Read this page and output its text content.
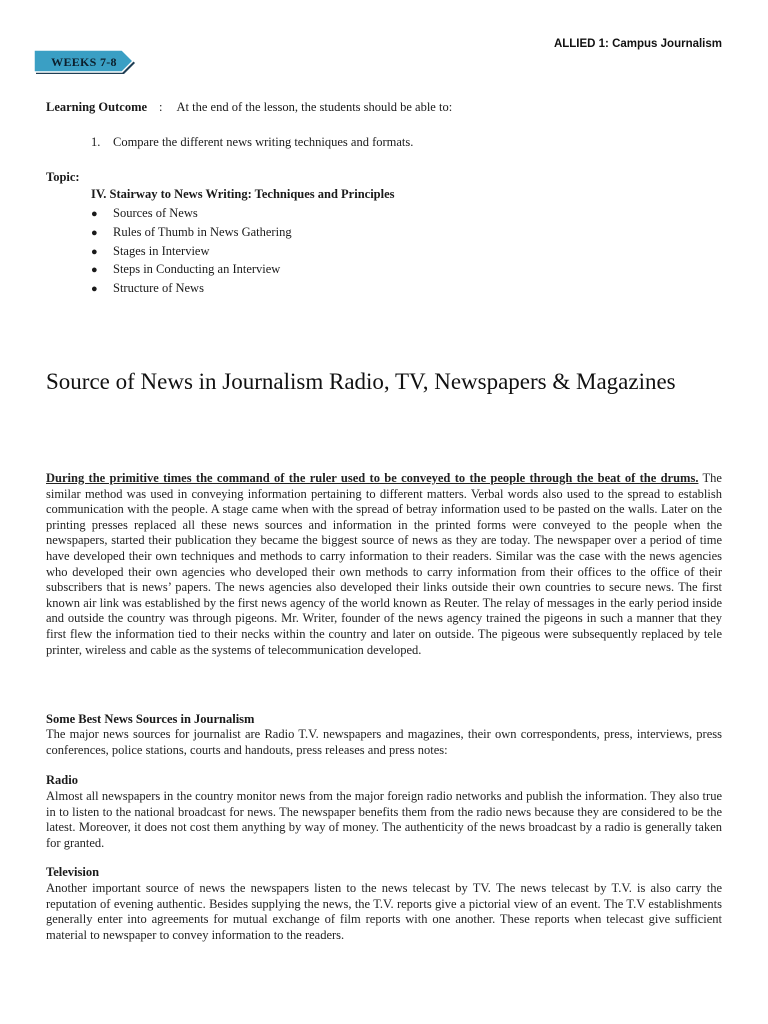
ALLIED 1: Campus Journalism
WEEKS 7-8
Learning Outcome : At the end of the lesson, the students should be able to:
1. Compare the different news writing techniques and formats.
Topic:
IV. Stairway to News Writing: Techniques and Principles
● Sources of News
● Rules of Thumb in News Gathering
● Stages in Interview
● Steps in Conducting an Interview
● Structure of News
Source of News in Journalism Radio, TV, Newspapers & Magazines

During the primitive times the command of the ruler used to be conveyed to the people through the beat of the drums. The similar method was used in conveying information pertaining to different matters. Verbal words also used to the spread to establish communication with the people. A stage came when with the spread of betray information used to be pasted on the walls. Later on the printing presses replaced all these news sources and information in the printed forms were conveyed to the people when the newspapers, started their publication they became the biggest source of news as they are today. The newspaper over a period of time have developed their own techniques and methods to carry information to their readers. Similar was the case with the news agencies who developed their own agencies who developed their own methods to carry information from their offices to the office of their subscribers that is news’ papers. The news agencies also developed their links outside their own countries to secure news. The first known air link was established by the first news agency of the world known as Reuter. The relay of messages in the early period inside and outside the country was through pigeons. Mr. Writer, founder of the news agency trained the pigeons in such a manner that they first flew the information tied to their necks within the country and later on outside. The pigeous were subsequently replaced by tele printer, wireless and cable as the systems of telecommunication developed.

Some Best News Sources in Journalism

The major news sources for journalist are Radio T.V. newspapers and magazines, their own correspondents, press, interviews, press conferences, police stations, courts and handouts, press releases and press notes:

Radio

Almost all newspapers in the country monitor news from the major foreign radio networks and publish the information. They also true in to listen to the national broadcast for news. The newspaper benefits them from the radio news because they are considered to be the latest. Moreover, it does not cost them anything by way of money. The authenticity of the news broadcast by a radio is generally taken for granted.

Television

Another important source of news the newspapers listen to the news telecast by TV. The news telecast by T.V. is also carry the reputation of evening authentic. Besides supplying the news, the T.V. reports give a pictorial view of an event. The T.V establishments generally enter into agreements for mutual exchange of film reports with one another. These reports when telecast give sufficient material to newspaper to convey information to the readers.
